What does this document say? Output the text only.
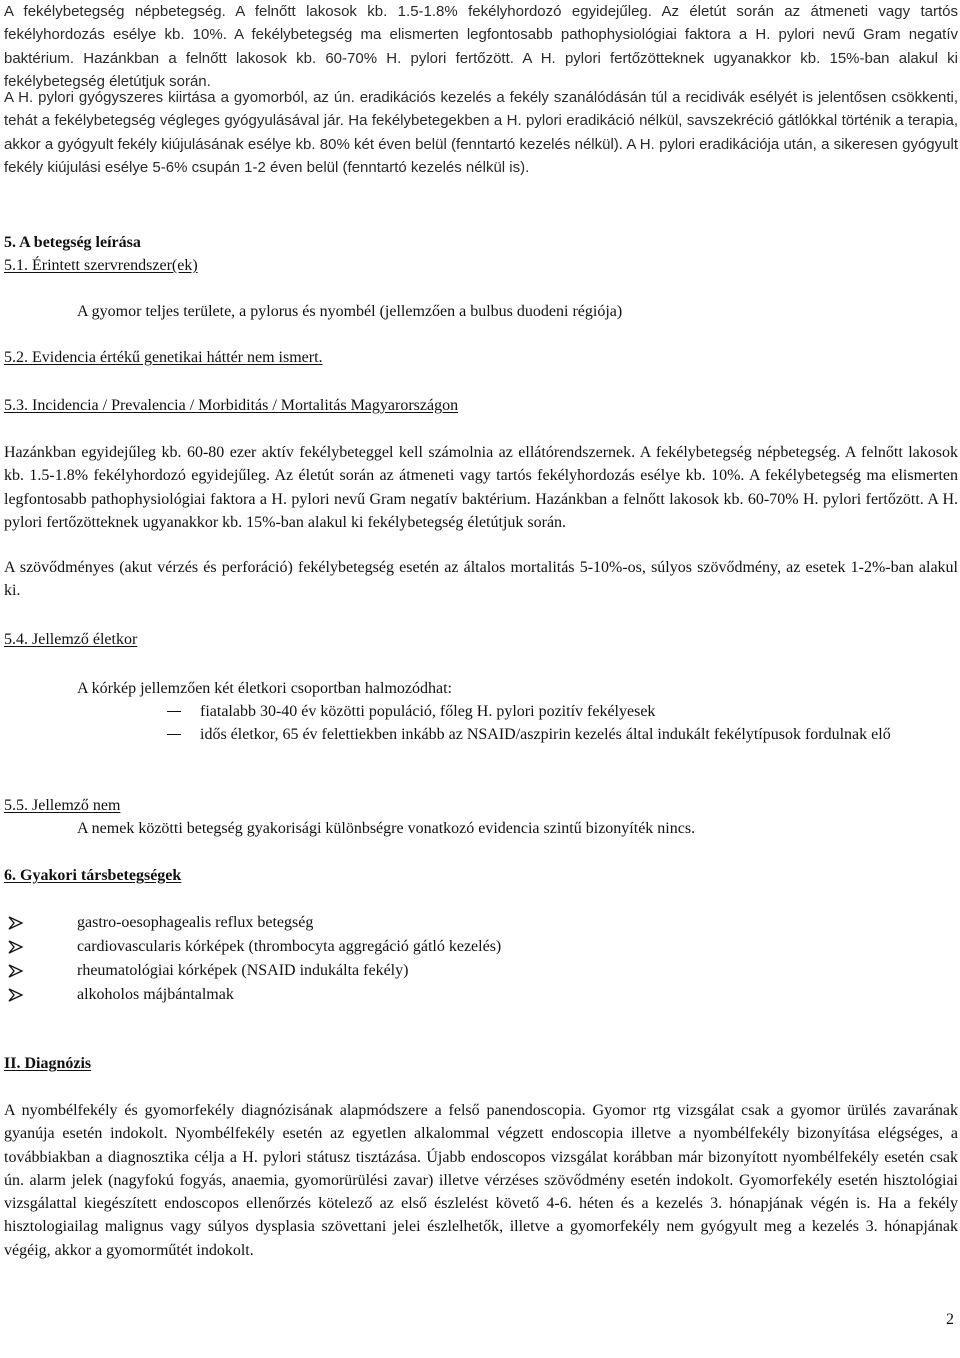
A fekélybetegség népbetegség. A felnőtt lakosok kb. 1.5-1.8% fekélyhordozó egyidejűleg. Az életút során az átmeneti vagy tartós fekélyhordozás esélye kb. 10%. A fekélybetegség ma elismerten legfontosabb pathophysiológiai faktora a H. pylori nevű Gram negatív baktérium. Hazánkban a felnőtt lakosok kb. 60-70% H. pylori fertőzött. A H. pylori fertőzötteknek ugyanakkor kb. 15%-ban alakul ki fekélybetegség életútjuk során.

A H. pylori gyógyszeres kiirtása a gyomorból, az ún. eradikációs kezelés a fekély szanálódásán túl a recidivák esélyét is jelentősen csökkenti, tehát a fekélybetegség végleges gyógyulásával jár. Ha fekélybetegekben a H. pylori eradikáció nélkül, savszekréció gátlókkal történik a terapia, akkor a gyógyult fekély kiújulásának esélye kb. 80% két éven belül (fenntartó kezelés nélkül). A H. pylori eradikációja után, a sikeresen gyógyult fekély kiújulási esélye 5-6% csupán 1-2 éven belül (fenntartó kezelés nélkül is).

5. A betegség leírása

5.1. Érintett szervrendszer(ek)

A gyomor teljes területe, a pylorus és nyombél (jellemzően a bulbus duodeni régiója)

5.2. Evidencia értékű genetikai háttér nem ismert.

5.3. Incidencia / Prevalencia / Morbiditás / Mortalitás Magyarországon

Hazánkban egyidejűleg kb. 60-80 ezer aktív fekélybeteggel kell számolnia az ellátórendszernek. A fekélybetegség népbetegség. A felnőtt lakosok kb. 1.5-1.8% fekélyhordozó egyidejűleg. Az életút során az átmeneti vagy tartós fekélyhordozás esélye kb. 10%. A fekélybetegség ma elismerten legfontosabb pathophysiológiai faktora a H. pylori nevű Gram negatív baktérium. Hazánkban a felnőtt lakosok kb. 60-70% H. pylori fertőzött. A H. pylori fertőzötteknek ugyanakkor kb. 15%-ban alakul ki fekélybetegség életútjuk során.

A szövődményes (akut vérzés és perforáció) fekélybetegség esetén az általos mortalitás 5-10%-os, súlyos szövődmény, az esetek 1-2%-ban alakul ki.

5.4. Jellemző életkor

A kórkép jellemzően két életkori csoportban halmozódhat:

fiatalabb 30-40 év közötti populáció, főleg H. pylori pozitív fekélyesek
idős életkor, 65 év felettiekben inkább az NSAID/aszpirin kezelés által indukált fekélytípusok fordulnak elő

5.5. Jellemző nem

A nemek közötti betegség gyakorisági különbségre vonatkozó evidencia szintű bizonyíték nincs.

6. Gyakori társbetegségek

gastro-oesophagealis reflux betegség
cardiovascularis kórképek (thrombocyta aggregáció gátló kezelés)
rheumatológiai kórképek (NSAID indukálta fekély)
alkoholos májbántalmak

II. Diagnózis

A nyombélfekély és gyomorfekély diagnózisának alapmódszere a felső panendoscopia. Gyomor rtg vizsgálat csak a gyomor ürülés zavarának gyanúja esetén indokolt. Nyombélfekély esetén az egyetlen alkalommal végzett endoscopia illetve a nyombélfekély bizonyítása elégséges, a továbbiakban a diagnosztika célja a H. pylori státusz tisztázása. Újabb endoscopos vizsgálat korábban már bizonyított nyombélfekély esetén csak ún. alarm jelek (nagyfokú fogyás, anaemia, gyomorürülési zavar) illetve vérzéses szövődmény esetén indokolt. Gyomorfekély esetén hisztológiai vizsgálattal kiegészített endoscopos ellenőrzés kötelező az első észlelést követő 4-6. héten és a kezelés 3. hónapjának végén is. Ha a fekély hisztologiailag malignus vagy súlyos dysplasia szövettani jelei észlelhetők, illetve a gyomorfekély nem gyógyult meg a kezelés 3. hónapjának végéig, akkor a gyomorműtét indokolt.

2
